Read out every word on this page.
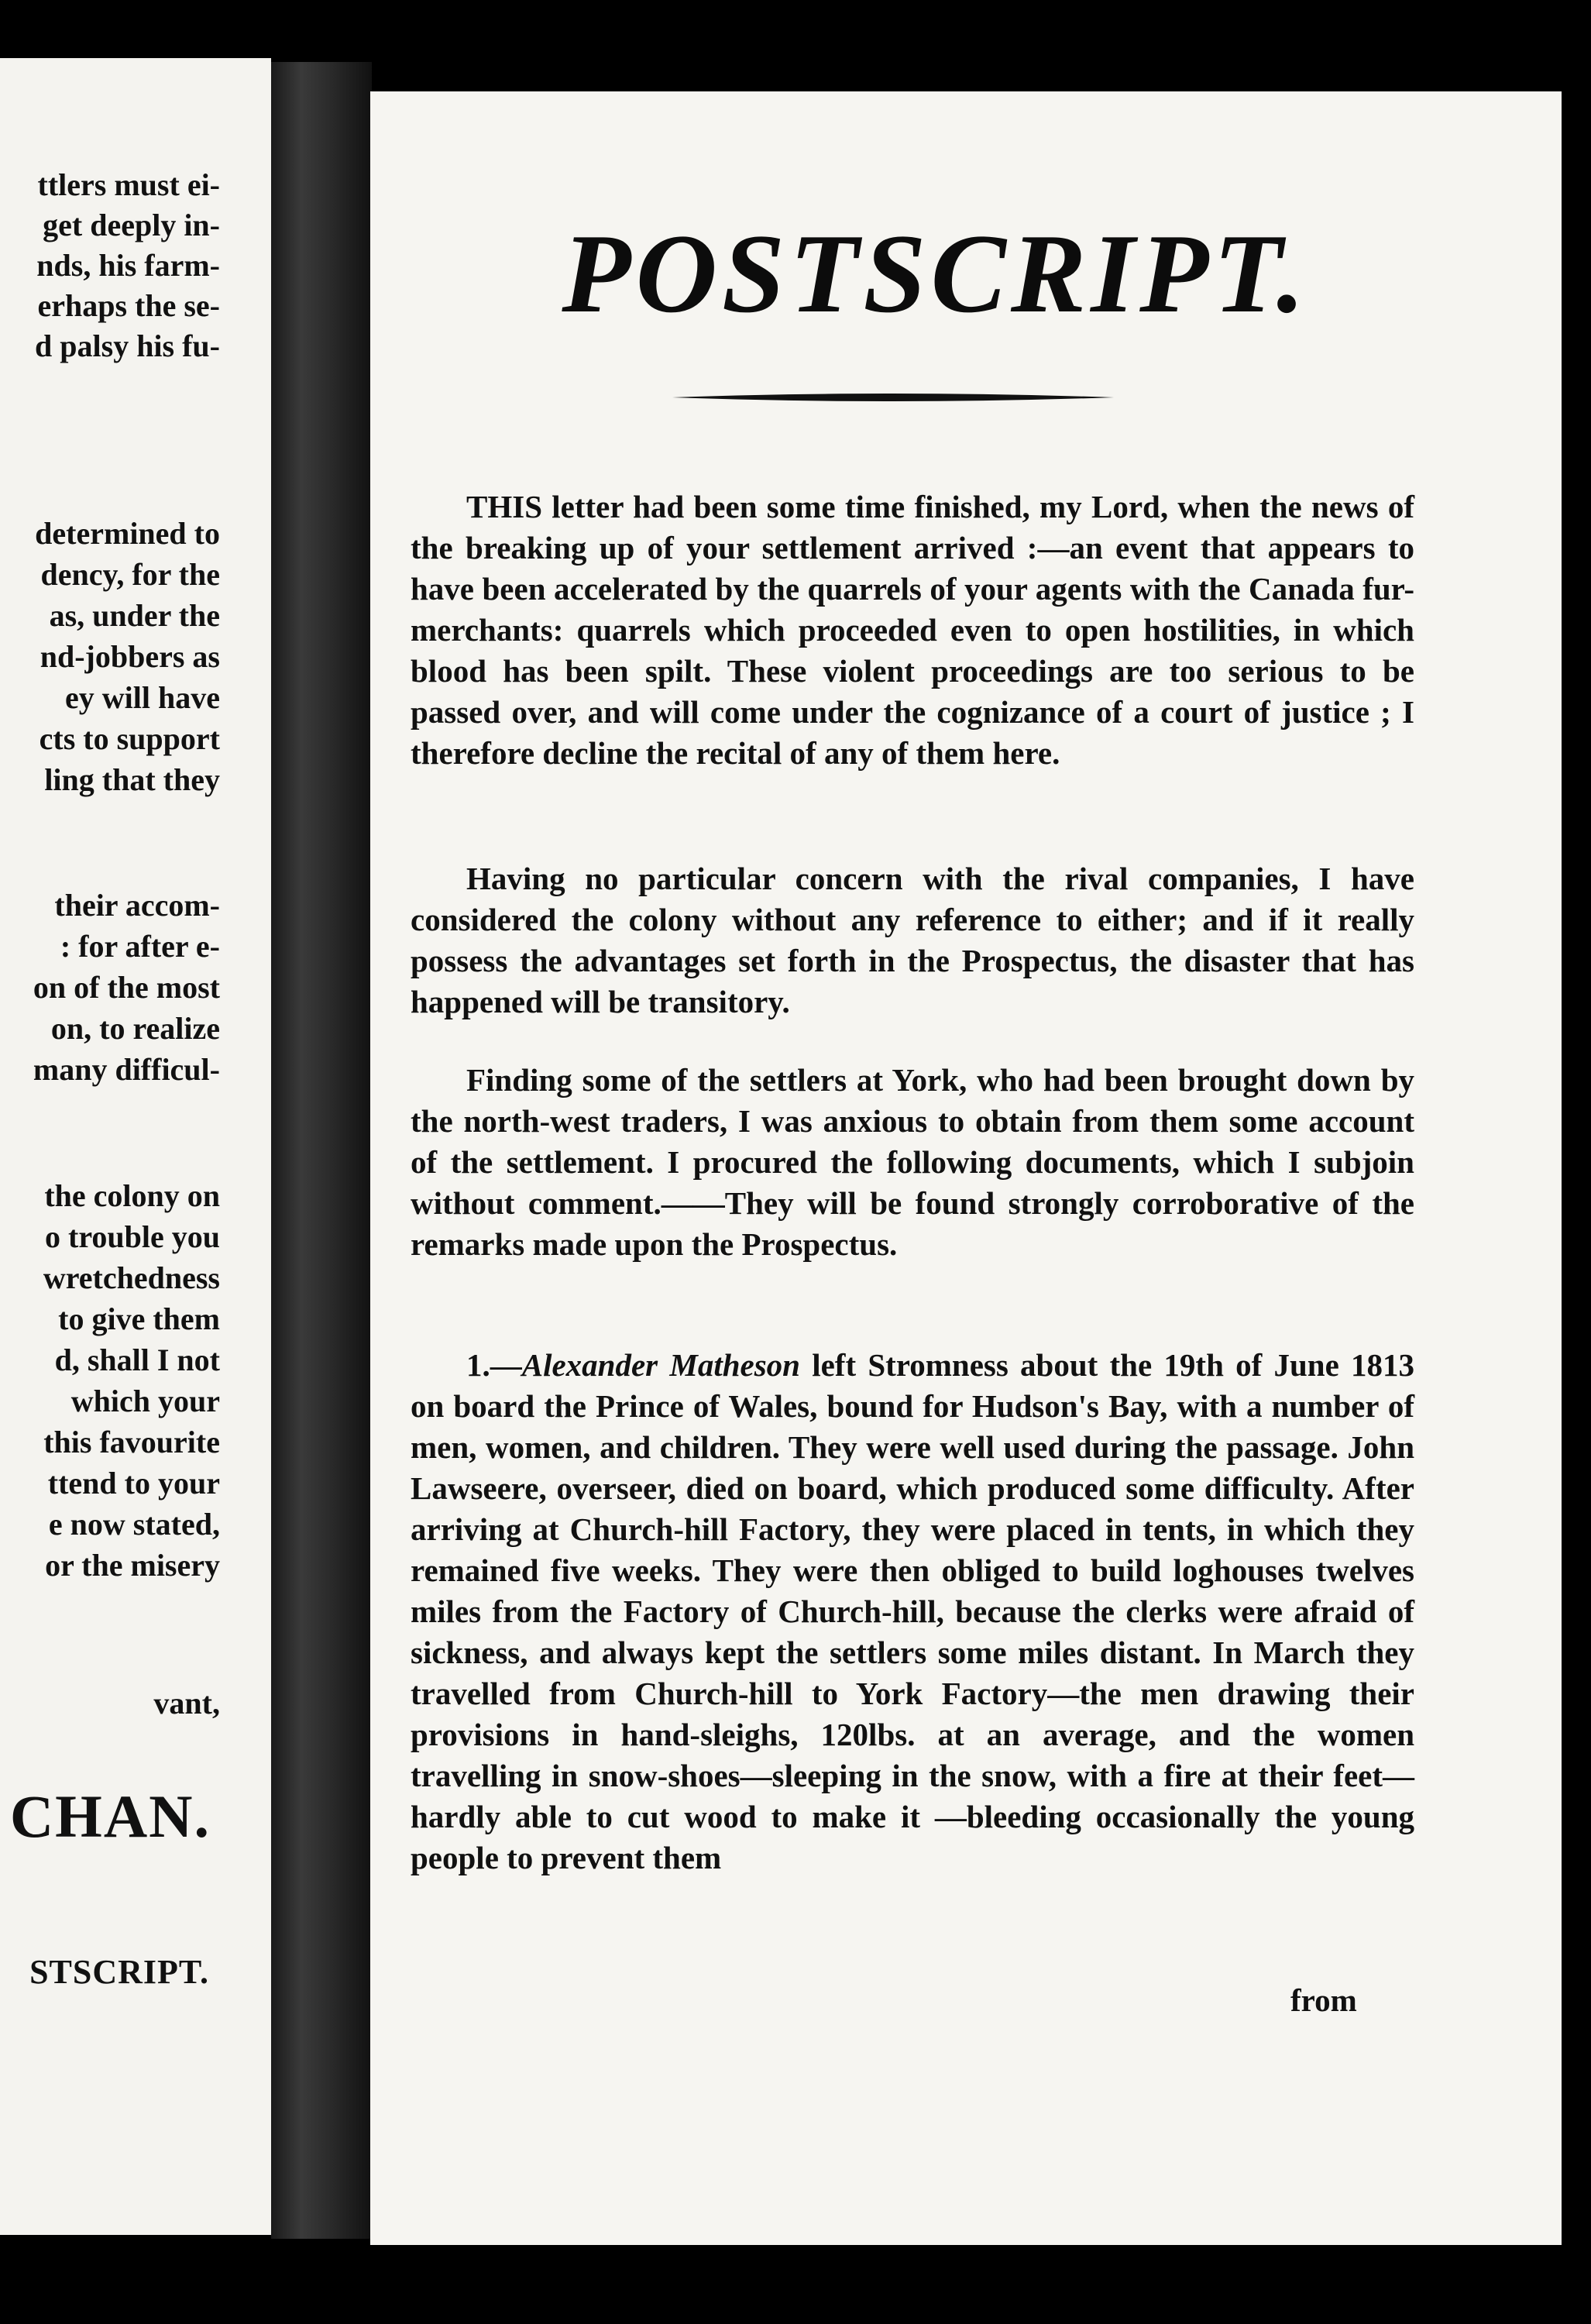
ttlers must ei-
get deeply in-
nds, his farm-
erhaps the se-
d palsy his fu-
determined to
dency, for the
as, under the
nd-jobbers as
ey will have
cts to support
ling that they
their accom-
: for after e-
on of the most
on, to realize
many difficul-
the colony on
o trouble you
wretchedness
to give them
d, shall I not
which your
this favourite
ttend to your
e now stated,
or the misery
vant,
CHAN.
STSCRIPT.
POSTSCRIPT.

THIS letter had been some time finished, my Lord, when the news of the breaking up of your settlement arrived :—an event that appears to have been accelerated by the quarrels of your agents with the Canada fur-merchants: quarrels which proceeded even to open hostilities, in which blood has been spilt. These violent proceedings are too serious to be passed over, and will come under the cognizance of a court of justice ; I therefore decline the recital of any of them here.

Having no particular concern with the rival companies, I have considered the colony without any reference to either; and if it really possess the advantages set forth in the Prospectus, the disaster that has happened will be transitory.

Finding some of the settlers at York, who had been brought down by the north-west traders, I was anxious to obtain from them some account of the settlement. I procured the following documents, which I subjoin without comment.——They will be found strongly corroborative of the remarks made upon the Prospectus.

1.—Alexander Matheson left Stromness about the 19th of June 1813 on board the Prince of Wales, bound for Hudson's Bay, with a number of men, women, and children. They were well used during the passage. John Lawseere, overseer, died on board, which produced some difficulty. After arriving at Church-hill Factory, they were placed in tents, in which they remained five weeks. They were then obliged to build loghouses twelves miles from the Factory of Church-hill, because the clerks were afraid of sickness, and always kept the settlers some miles distant. In March they travelled from Church-hill to York Factory—the men drawing their provisions in hand-sleighs, 120lbs. at an average, and the women travelling in snow-shoes—sleeping in the snow, with a fire at their feet—hardly able to cut wood to make it —bleeding occasionally the young people to prevent them

from
